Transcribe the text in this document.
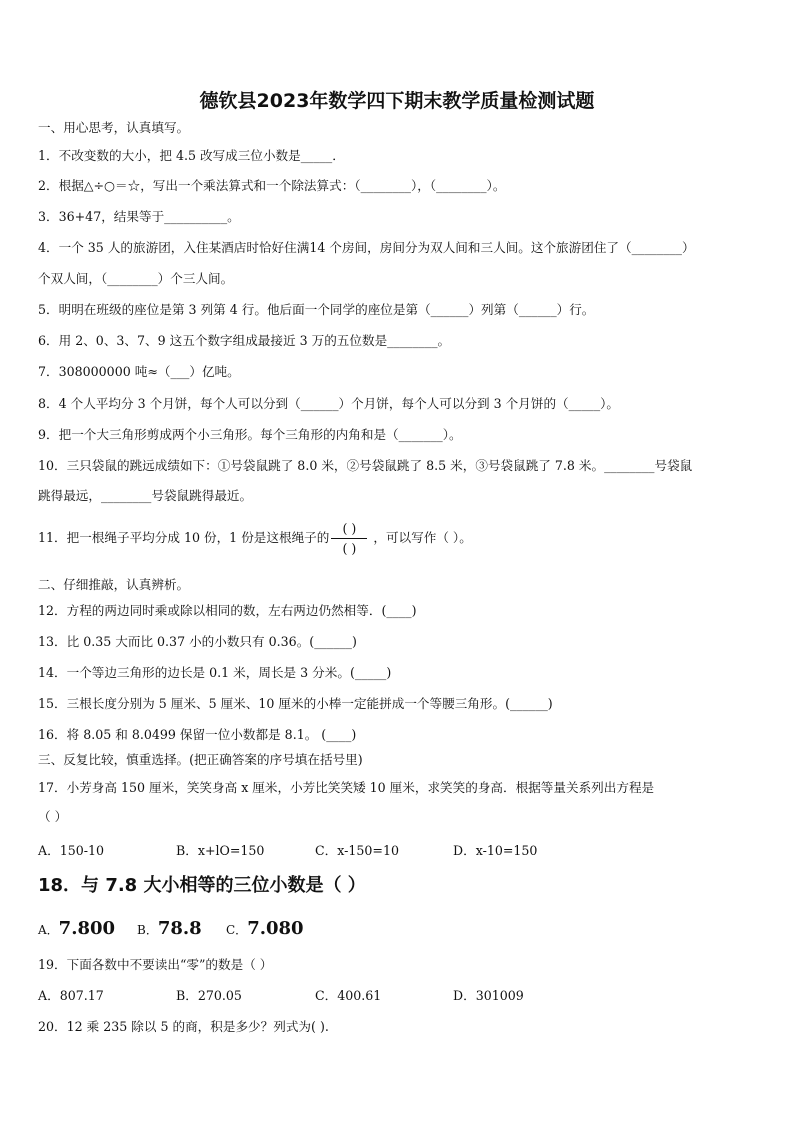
德钦县2023年数学四下期末教学质量检测试题
一、用心思考，认真填写。
1．不改变数的大小，把 4.5 改写成三位小数是_____．
2．根据△÷○＝☆，写出一个乘法算式和一个除法算式：（________），（________）。
3．36+47，结果等于__________。
4．一个 35 人的旅游团，入住某酒店时恰好住满14 个房间，房间分为双人间和三人间。这个旅游团住了（________）
个双人间，（________）个三人间。
5．明明在班级的座位是第 3 列第 4 行。他后面一个同学的座位是第（______）列第（______）行。
6．用 2、0、3、7、9 这五个数字组成最接近 3 万的五位数是________。
7．308000000 吨≈（___）亿吨。
8．4 个人平均分 3 个月饼，每个人可以分到（______）个月饼，每个人可以分到 3 个月饼的（_____）。
9．把一个大三角形剪成两个小三角形。每个三角形的内角和是（_______）。
10．三只袋鼠的跳远成绩如下：①号袋鼠跳了 8.0 米，②号袋鼠跳了 8.5 米，③号袋鼠跳了 7.8 米。________号袋鼠
跳得最远，________号袋鼠跳得最近。
11．把一根绳子平均分成 10 份，1 份是这根绳子的 $\frac{( )}{( )}$ ，可以写作（ ）。
二、仔细推敲，认真辨析。
12．方程的两边同时乘或除以相同的数，左右两边仍然相等．(____)
13．比 0.35 大而比 0.37 小的小数只有 0.36。(______)
14．一个等边三角形的边长是 0.1 米，周长是 3 分米。(_____)
15．三根长度分别为 5 厘米、5 厘米、10 厘米的小棒一定能拼成一个等腰三角形。(______)
16．将 8.05 和 8.0499 保留一位小数都是 8.1。 (____)
三、反复比较，慎重选择。(把正确答案的序号填在括号里)
17．小芳身高 150 厘米，笑笑身高 x 厘米，小芳比笑笑矮 10 厘米，求笑笑的身高．根据等量关系列出方程是
（ ）
A．150-10	B．x+lO=150	C．x-150=10	D．x-10=150
18．与 7.8 大小相等的三位小数是（ ）
A．7.800 B．78.8 C．7.080
19．下面各数中不要读出“零”的数是（ ）
A．807.17	B．270.05	C．400.61	D．301009
20．12 乘 235 除以 5 的商，积是多少？列式为( ).
